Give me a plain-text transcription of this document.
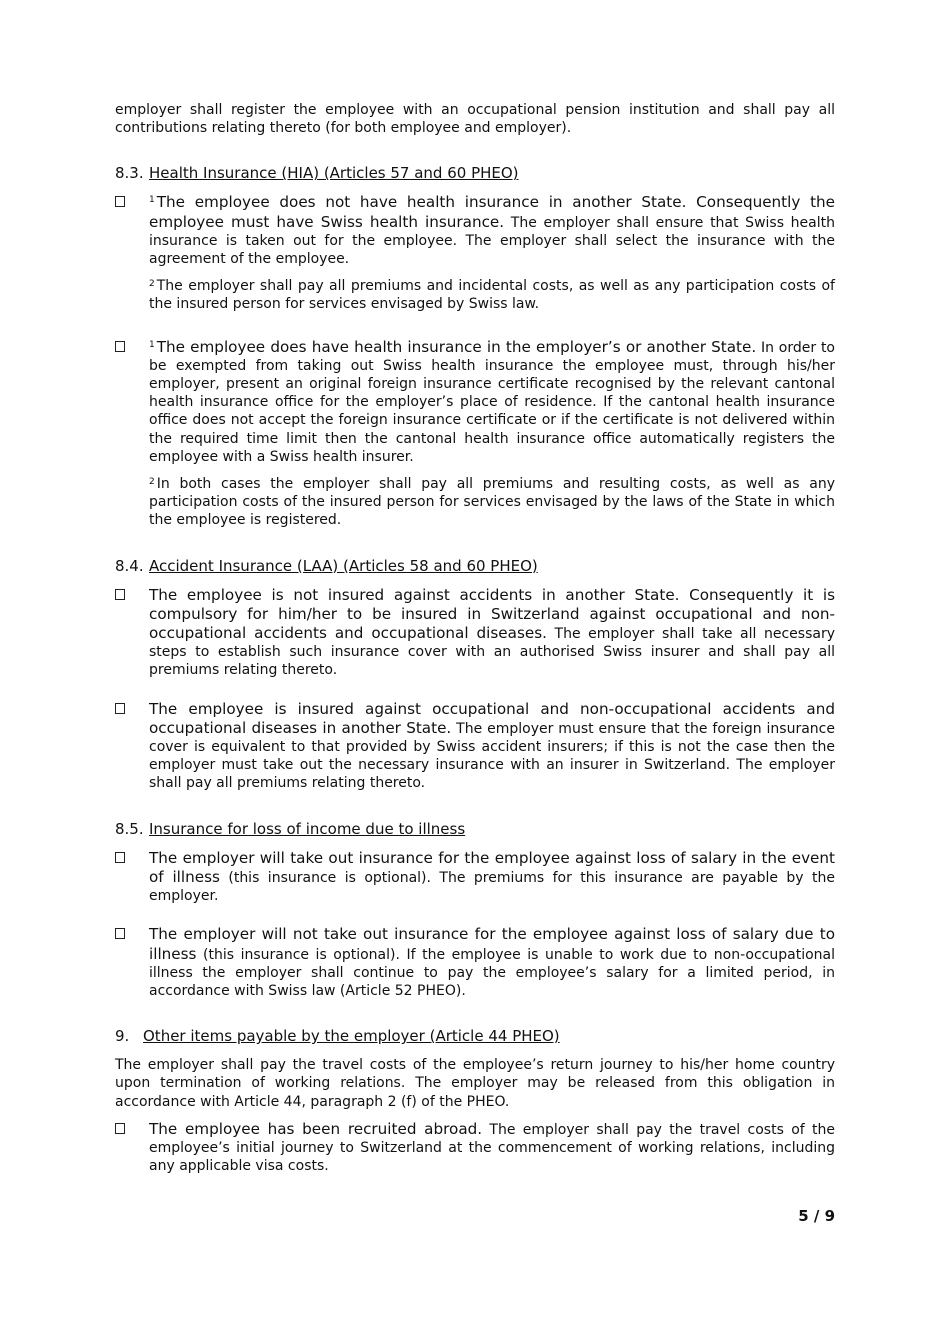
employer shall register the employee with an occupational pension institution and shall pay all contributions relating thereto (for both employee and employer).

8.3. Health Insurance (HIA) (Articles 57 and 60 PHEO)

$^1$ The employee does not have health insurance in another State. Consequently the employee must have Swiss health insurance. The employer shall ensure that Swiss health insurance is taken out for the employee. The employer shall select the insurance with the agreement of the employee.

$^2$ The employer shall pay all premiums and incidental costs, as well as any participation costs of the insured person for services envisaged by Swiss law.

$^1$ The employee does have health insurance in the employer’s or another State. In order to be exempted from taking out Swiss health insurance the employee must, through his/her employer, present an original foreign insurance certificate recognised by the relevant cantonal health insurance office for the employer’s place of residence. If the cantonal health insurance office does not accept the foreign insurance certificate or if the certificate is not delivered within the required time limit then the cantonal health insurance office automatically registers the employee with a Swiss health insurer.

$^2$ In both cases the employer shall pay all premiums and resulting costs, as well as any participation costs of the insured person for services envisaged by the laws of the State in which the employee is registered.

8.4. Accident Insurance (LAA) (Articles 58 and 60 PHEO)

The employee is not insured against accidents in another State. Consequently it is compulsory for him/her to be insured in Switzerland against occupational and non-occupational accidents and occupational diseases. The employer shall take all necessary steps to establish such insurance cover with an authorised Swiss insurer and shall pay all premiums relating thereto.

The employee is insured against occupational and non-occupational accidents and occupational diseases in another State. The employer must ensure that the foreign insurance cover is equivalent to that provided by Swiss accident insurers; if this is not the case then the employer must take out the necessary insurance with an insurer in Switzerland. The employer shall pay all premiums relating thereto.

8.5. Insurance for loss of income due to illness

The employer will take out insurance for the employee against loss of salary in the event of illness (this insurance is optional). The premiums for this insurance are payable by the employer.

The employer will not take out insurance for the employee against loss of salary due to illness (this insurance is optional). If the employee is unable to work due to non-occupational illness the employer shall continue to pay the employee’s salary for a limited period, in accordance with Swiss law (Article 52 PHEO).

9. Other items payable by the employer (Article 44 PHEO)

The employer shall pay the travel costs of the employee’s return journey to his/her home country upon termination of working relations. The employer may be released from this obligation in accordance with Article 44, paragraph 2 (f) of the PHEO.

The employee has been recruited abroad. The employer shall pay the travel costs of the employee’s initial journey to Switzerland at the commencement of working relations, including any applicable visa costs.

5 / 9
